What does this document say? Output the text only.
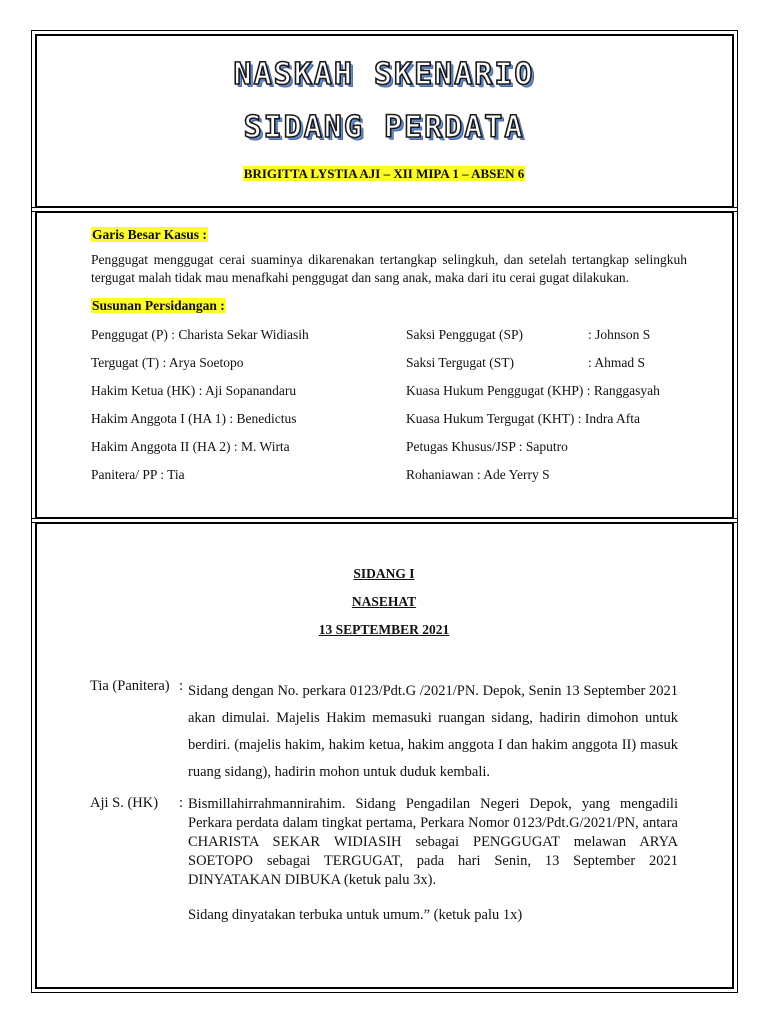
NASKAH SKENARIO
SIDANG PERDATA
BRIGITTA LYSTIA AJI – XII MIPA 1 – ABSEN 6
Garis Besar Kasus :
Penggugat menggugat cerai suaminya dikarenakan tertangkap selingkuh, dan setelah tertangkap selingkuh tergugat malah tidak mau menafkahi penggugat dan sang anak, maka dari itu cerai gugat dilakukan.
Susunan Persidangan :
Penggugat (P) : Charista Sekar Widiasih
Tergugat (T) : Arya Soetopo
Hakim Ketua (HK) : Aji Sopanandaru
Hakim Anggota I (HA 1) : Benedictus
Hakim Anggota II (HA 2) : M. Wirta
Panitera/ PP : Tia
Saksi Penggugat (SP)	: Johnson S
Saksi Tergugat (ST)	: Ahmad S
Kuasa Hukum Penggugat (KHP) : Ranggasyah
Kuasa Hukum Tergugat (KHT) : Indra Afta
Petugas Khusus/JSP : Saputro
Rohaniawan : Ade Yerry S
SIDANG I
NASEHAT
13 SEPTEMBER 2021
Tia (Panitera) : Sidang dengan No. perkara 0123/Pdt.G /2021/PN. Depok, Senin 13 September 2021 akan dimulai. Majelis Hakim memasuki ruangan sidang, hadirin dimohon untuk berdiri. (majelis hakim, hakim ketua, hakim anggota I dan hakim anggota II) masuk ruang sidang), hadirin mohon untuk duduk kembali.
Aji S. (HK) : Bismillahirrahmannirahim. Sidang Pengadilan Negeri Depok, yang mengadili Perkara perdata dalam tingkat pertama, Perkara Nomor 0123/Pdt.G/2021/PN, antara CHARISTA SEKAR WIDIASIH sebagai PENGGUGAT melawan ARYA SOETOPO sebagai TERGUGAT, pada hari Senin, 13 September 2021 DINYATAKAN DIBUKA (ketuk palu 3x).
Sidang dinyatakan terbuka untuk umum.” (ketuk palu 1x)
